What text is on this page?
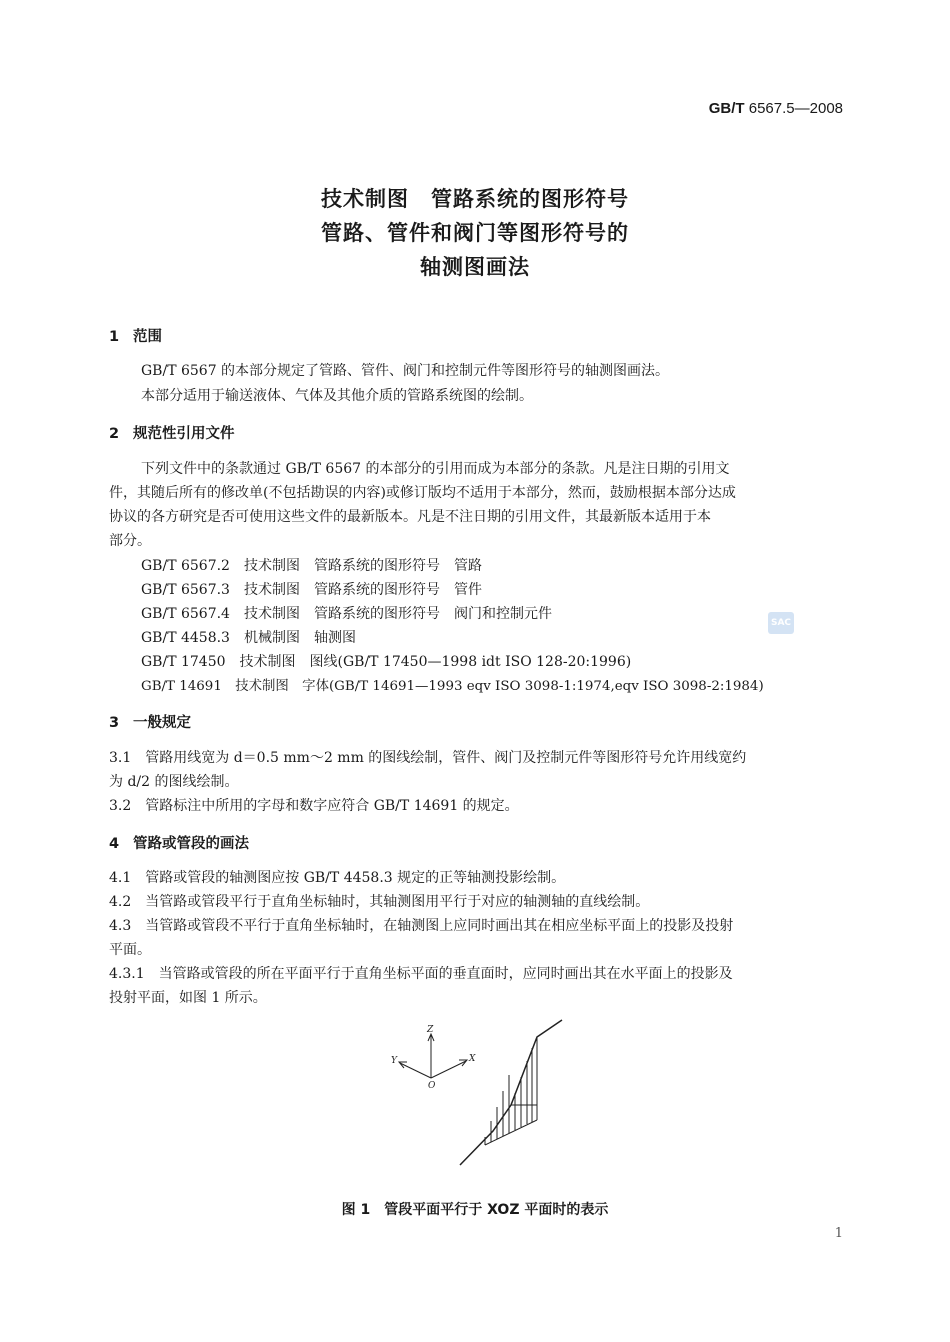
GB/T 6567.5—2008
技术制图　管路系统的图形符号
管路、管件和阀门等图形符号的
轴测图画法
1 范围
GB/T 6567 的本部分规定了管路、管件、阀门和控制元件等图形符号的轴测图画法。
本部分适用于输送液体、气体及其他介质的管路系统图的绘制。
2 规范性引用文件
下列文件中的条款通过 GB/T 6567 的本部分的引用而成为本部分的条款。凡是注日期的引用文
件，其随后所有的修改单(不包括勘误的内容)或修订版均不适用于本部分，然而，鼓励根据本部分达成
协议的各方研究是否可使用这些文件的最新版本。凡是不注日期的引用文件，其最新版本适用于本
部分。
GB/T 6567.2　技术制图　管路系统的图形符号　管路
GB/T 6567.3　技术制图　管路系统的图形符号　管件
GB/T 6567.4　技术制图　管路系统的图形符号　阀门和控制元件
GB/T 4458.3　机械制图　轴测图
GB/T 17450　技术制图　图线(GB/T 17450—1998 idt ISO 128-20:1996)
GB/T 14691　技术制图　字体(GB/T 14691—1993 eqv ISO 3098-1:1974,eqv ISO 3098-2:1984)
SAC
3 一般规定
3.1　管路用线宽为 d＝0.5 mm～2 mm 的图线绘制，管件、阀门及控制元件等图形符号允许用线宽约
为 d/2 的图线绘制。
3.2　管路标注中所用的字母和数字应符合 GB/T 14691 的规定。
4 管路或管段的画法
4.1　管路或管段的轴测图应按 GB/T 4458.3 规定的正等轴测投影绘制。
4.2　当管路或管段平行于直角坐标轴时，其轴测图用平行于对应的轴测轴的直线绘制。
4.3　当管路或管段不平行于直角坐标轴时，在轴测图上应同时画出其在相应坐标平面上的投影及投射
平面。
4.3.1　当管路或管段的所在平面平行于直角坐标平面的垂直面时，应同时画出其在水平面上的投影及
投射平面，如图 1 所示。
Z
Y	X
O
图 1　管段平面平行于 XOZ 平面时的表示
1
